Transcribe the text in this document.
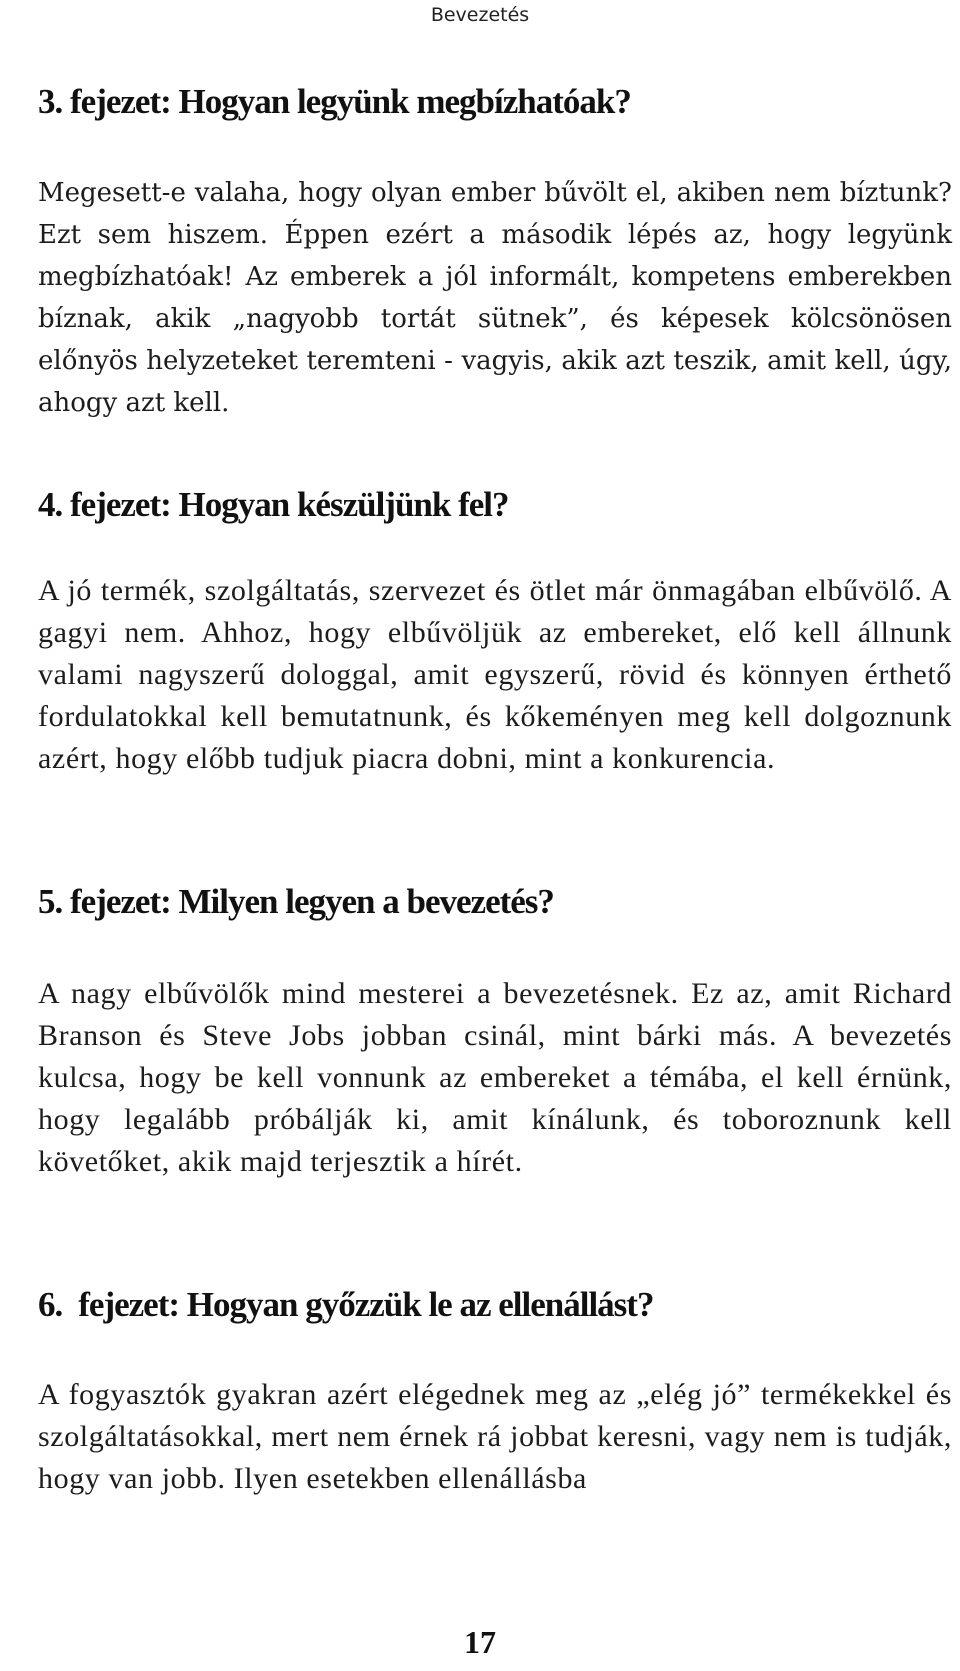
Bevezetés
3. fejezet: Hogyan legyünk megbízhatóak?

Megesett-e valaha, hogy olyan ember bűvölt el, akiben nem bíztunk? Ezt sem hiszem. Éppen ezért a második lépés az, hogy legyünk megbízhatóak! Az emberek a jól informált, kompetens emberekben bíznak, akik „nagyobb tortát sütnek”, és képesek kölcsönösen előnyös helyzeteket teremteni - vagyis, akik azt teszik, amit kell, úgy, ahogy azt kell.

4. fejezet: Hogyan készüljünk fel?

A jó termék, szolgáltatás, szervezet és ötlet már önmagában elbűvölő. A gagyi nem. Ahhoz, hogy elbűvöljük az embereket, elő kell állnunk valami nagyszerű dologgal, amit egyszerű, rövid és könnyen érthető fordulatokkal kell bemutatnunk, és kőkeményen meg kell dolgoznunk azért, hogy előbb tudjuk piacra dobni, mint a konkurencia.

5. fejezet: Milyen legyen a bevezetés?

A nagy elbűvölők mind mesterei a bevezetésnek. Ez az, amit Richard Branson és Steve Jobs jobban csinál, mint bárki más. A bevezetés kulcsa, hogy be kell vonnunk az embereket a témába, el kell érnünk, hogy legalább próbálják ki, amit kínálunk, és toboroznunk kell követőket, akik majd terjesztik a hírét.

6. fejezet: Hogyan győzzük le az ellenállást?

A fogyasztók gyakran azért elégednek meg az „elég jó” termékekkel és szolgáltatásokkal, mert nem érnek rá jobbat keresni, vagy nem is tudják, hogy van jobb. Ilyen esetekben ellenállásba

17
